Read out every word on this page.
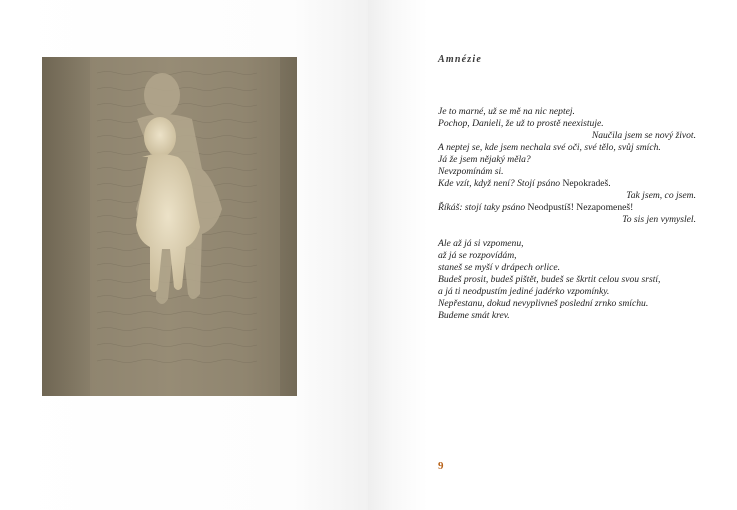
Amnézie
Je to marné, už se mě na nic neptej.
Pochop, Danieli, že už to prostě neexistuje.
Naučila jsem se nový život.
A neptej se, kde jsem nechala své oči, své tělo, svůj smích.
Já že jsem nějaký měla?
Nevzpomínám si.
Kde vzít, když není? Stojí psáno Nepokradeš.
Tak jsem, co jsem.
Říkáš: stojí taky psáno Neodpustíš! Nezapomeneš!
To sis jen vymyslel.
Ale až já si vzpomenu,
až já se rozpovídám,
staneš se myší v drápech orlice.
Budeš prosit, budeš pištět, budeš se škrtit celou svou srstí,
a já ti neodpustím jediné jadérko vzpomínky.
Nepřestanu, dokud nevyplivneš poslední zrnko smíchu.
Budeme smát krev.
9
